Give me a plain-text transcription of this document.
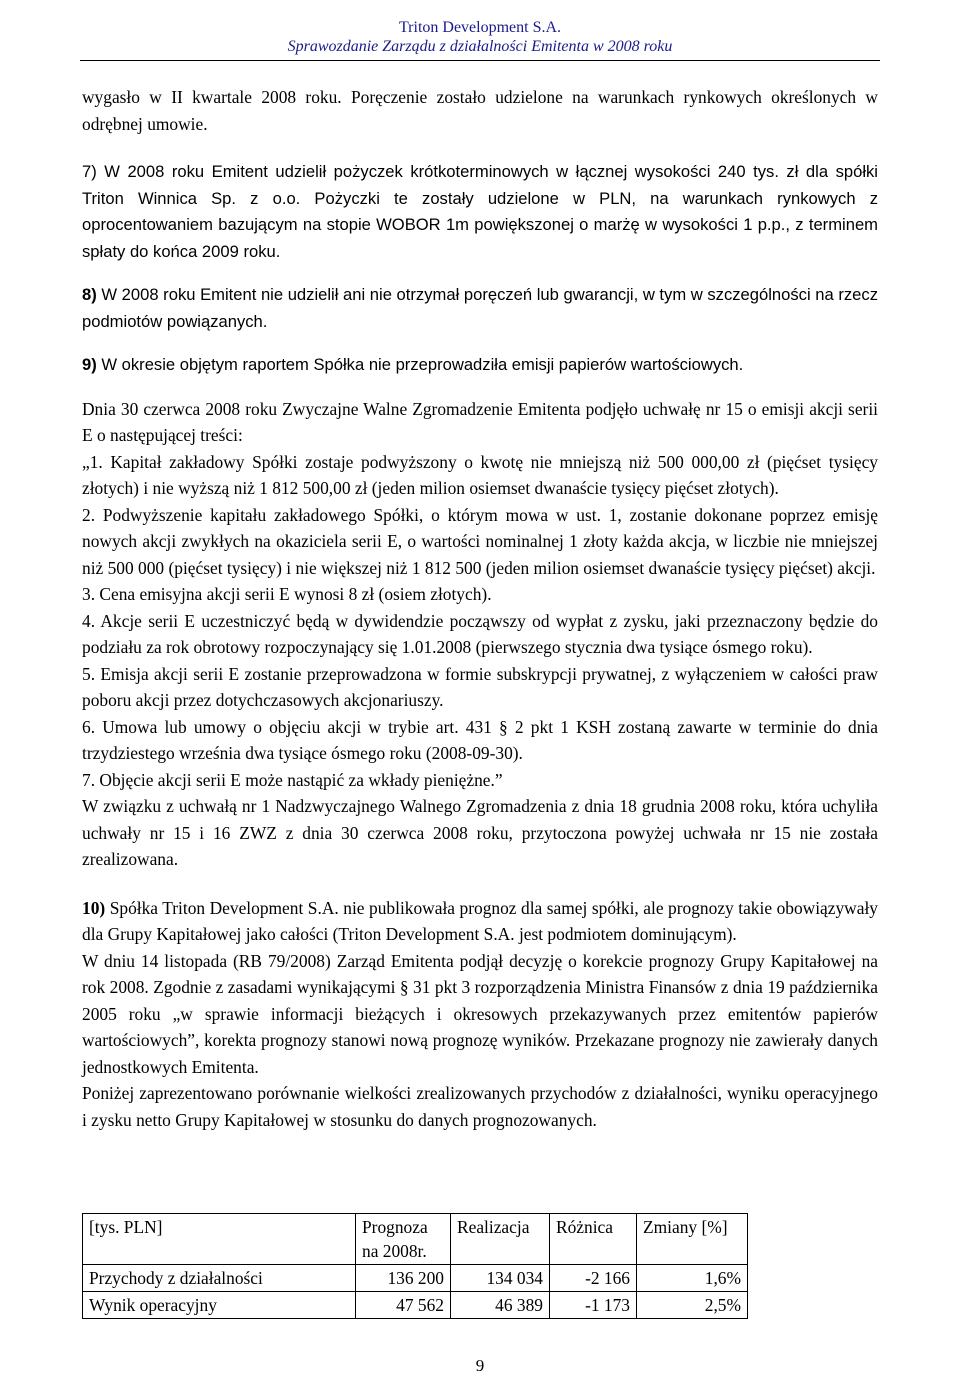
Triton Development S.A.
Sprawozdanie Zarządu z działalności Emitenta w 2008 roku

wygasło w II kwartale 2008 roku. Poręczenie zostało udzielone na warunkach rynkowych określonych w odrębnej umowie.

7) W 2008 roku Emitent udzielił pożyczek krótkoterminowych w łącznej wysokości 240 tys. zł dla spółki Triton Winnica Sp. z o.o. Pożyczki te zostały udzielone w PLN, na warunkach rynkowych z oprocentowaniem bazującym na stopie WOBOR 1m powiększonej o marżę w wysokości 1 p.p., z terminem spłaty do końca 2009 roku.

8) W 2008 roku Emitent nie udzielił ani nie otrzymał poręczeń lub gwarancji, w tym w szczególności na rzecz podmiotów powiązanych.

9) W okresie objętym raportem Spółka nie przeprowadziła emisji papierów wartościowych.

Dnia 30 czerwca 2008 roku Zwyczajne Walne Zgromadzenie Emitenta podjęło uchwałę nr 15 o emisji akcji serii E o następującej treści:

„1. Kapitał zakładowy Spółki zostaje podwyższony o kwotę nie mniejszą niż 500 000,00 zł (pięćset tysięcy złotych) i nie wyższą niż 1 812 500,00 zł (jeden milion osiemset dwanaście tysięcy pięćset złotych).

2. Podwyższenie kapitału zakładowego Spółki, o którym mowa w ust. 1, zostanie dokonane poprzez emisję nowych akcji zwykłych na okaziciela serii E, o wartości nominalnej 1 złoty każda akcja, w liczbie nie mniejszej niż 500 000 (pięćset tysięcy) i nie większej niż 1 812 500 (jeden milion osiemset dwanaście tysięcy pięćset) akcji.

3. Cena emisyjna akcji serii E wynosi 8 zł (osiem złotych).

4. Akcje serii E uczestniczyć będą w dywidendzie począwszy od wypłat z zysku, jaki przeznaczony będzie do podziału za rok obrotowy rozpoczynający się 1.01.2008 (pierwszego stycznia dwa tysiące ósmego roku).

5. Emisja akcji serii E zostanie przeprowadzona w formie subskrypcji prywatnej, z wyłączeniem w całości praw poboru akcji przez dotychczasowych akcjonariuszy.

6. Umowa lub umowy o objęciu akcji w trybie art. 431 § 2 pkt 1 KSH zostaną zawarte w terminie do dnia trzydziestego września dwa tysiące ósmego roku (2008-09-30).

7. Objęcie akcji serii E może nastąpić za wkłady pieniężne.”

W związku z uchwałą nr 1 Nadzwyczajnego Walnego Zgromadzenia z dnia 18 grudnia 2008 roku, która uchyliła uchwały nr 15 i 16 ZWZ z dnia 30 czerwca 2008 roku, przytoczona powyżej uchwała nr 15 nie została zrealizowana.

10) Spółka Triton Development S.A. nie publikowała prognoz dla samej spółki, ale prognozy takie obowiązywały dla Grupy Kapitałowej jako całości (Triton Development S.A. jest podmiotem dominującym).

W dniu 14 listopada (RB 79/2008) Zarząd Emitenta podjął decyzję o korekcie prognozy Grupy Kapitałowej na rok 2008. Zgodnie z zasadami wynikającymi § 31 pkt 3 rozporządzenia Ministra Finansów z dnia 19 października 2005 roku „w sprawie informacji bieżących i okresowych przekazywanych przez emitentów papierów wartościowych”, korekta prognozy stanowi nową prognozę wyników. Przekazane prognozy nie zawierały danych jednostkowych Emitenta.

Poniżej zaprezentowano porównanie wielkości zrealizowanych przychodów z działalności, wyniku operacyjnego i zysku netto Grupy Kapitałowej w stosunku do danych prognozowanych.

[tys. PLN]	Prognoza na 2008r.	Realizacja	Różnica	Zmiany [%]
Przychody z działalności	136 200	134 034	-2 166	1,6%
Wynik operacyjny	47 562	46 389	-1 173	2,5%
9
